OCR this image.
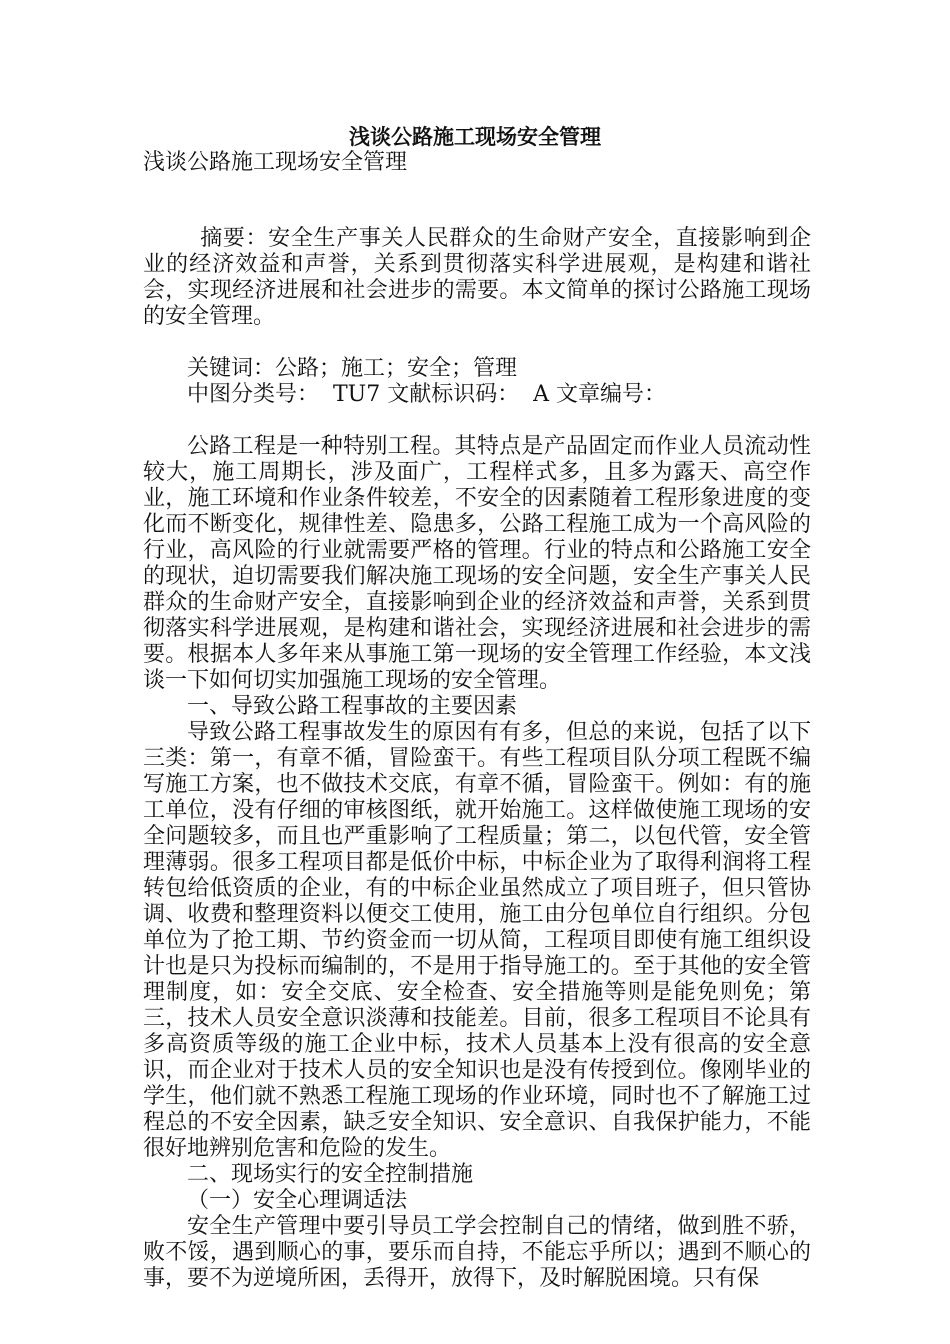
浅谈公路施工现场安全管理

浅谈公路施工现场安全管理

摘要：安全生产事关人民群众的生命财产安全，直接影响到企业的经济效益和声誉，关系到贯彻落实科学进展观，是构建和谐社会，实现经济进展和社会进步的需要。本文简单的探讨公路施工现场的安全管理。

关键词：公路；施工；安全；管理

中图分类号：  TU7 文献标识码：  A 文章编号：

公路工程是一种特别工程。其特点是产品固定而作业人员流动性较大，施工周期长，涉及面广，工程样式多，且多为露天、高空作业，施工环境和作业条件较差，不安全的因素随着工程形象进度的变化而不断变化，规律性差、隐患多，公路工程施工成为一个高风险的行业，高风险的行业就需要严格的管理。行业的特点和公路施工安全的现状，迫切需要我们解决施工现场的安全问题，安全生产事关人民群众的生命财产安全，直接影响到企业的经济效益和声誉，关系到贯彻落实科学进展观，是构建和谐社会，实现经济进展和社会进步的需要。根据本人多年来从事施工第一现场的安全管理工作经验，本文浅谈一下如何切实加强施工现场的安全管理。

一、导致公路工程事故的主要因素

导致公路工程事故发生的原因有有多，但总的来说，包括了以下三类：第一，有章不循，冒险蛮干。有些工程项目队分项工程既不编写施工方案，也不做技术交底，有章不循，冒险蛮干。例如：有的施工单位，没有仔细的审核图纸，就开始施工。这样做使施工现场的安全问题较多，而且也严重影响了工程质量；第二，以包代管，安全管理薄弱。很多工程项目都是低价中标，中标企业为了取得利润将工程转包给低资质的企业，有的中标企业虽然成立了项目班子，但只管协调、收费和整理资料以便交工使用，施工由分包单位自行组织。分包单位为了抢工期、节约资金而一切从简，工程项目即使有施工组织设计也是只为投标而编制的，不是用于指导施工的。至于其他的安全管理制度，如：安全交底、安全检查、安全措施等则是能免则免；第三，技术人员安全意识淡薄和技能差。目前，很多工程项目不论具有多高资质等级的施工企业中标，技术人员基本上没有很高的安全意识，而企业对于技术人员的安全知识也是没有传授到位。像刚毕业的学生，他们就不熟悉工程施工现场的作业环境，同时也不了解施工过程总的不安全因素，缺乏安全知识、安全意识、自我保护能力，不能很好地辨别危害和危险的发生。

二、现场实行的安全控制措施

（一）安全心理调适法

安全生产管理中要引导员工学会控制自己的情绪，做到胜不骄，败不馁，遇到顺心的事，要乐而自持，不能忘乎所以；遇到不顺心的事，要不为逆境所困，丢得开，放得下，及时解脱困境。只有保
